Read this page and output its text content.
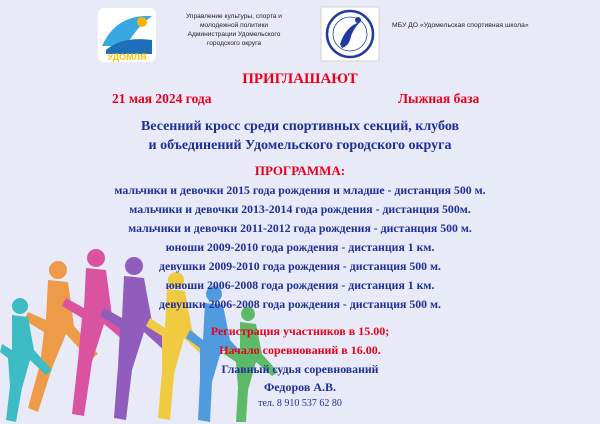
УДОМЛЯ
Управление культуры, спорта и
молодежной политики
Администрации Удомельского
городского округа
МБУ ДО «Удомельская спортивная школа»
ПРИГЛАШАЮТ
21 мая 2024 года	Лыжная база
Весенний кросс среди спортивных секций, клубов
и объединений Удомельского городского округа
ПРОГРАММА:
мальчики и девочки 2015 года рождения и младше - дистанция 500 м.
мальчики и девочки 2013-2014 года рождения - дистанция 500м.
мальчики и девочки 2011-2012 года рождения - дистанция 500 м.
юноши 2009-2010 года рождения - дистанция 1 км.
девушки 2009-2010 года рождения - дистанция 500 м.
юноши 2006-2008 года рождения - дистанция 1 км.
девушки 2006-2008 года рождения - дистанция 500 м.
Регистрация участников в 15.00;
Начало соревнований в 16.00.
Главный судья соревнований
Федоров А.В.
тел. 8 910 537 62 80
